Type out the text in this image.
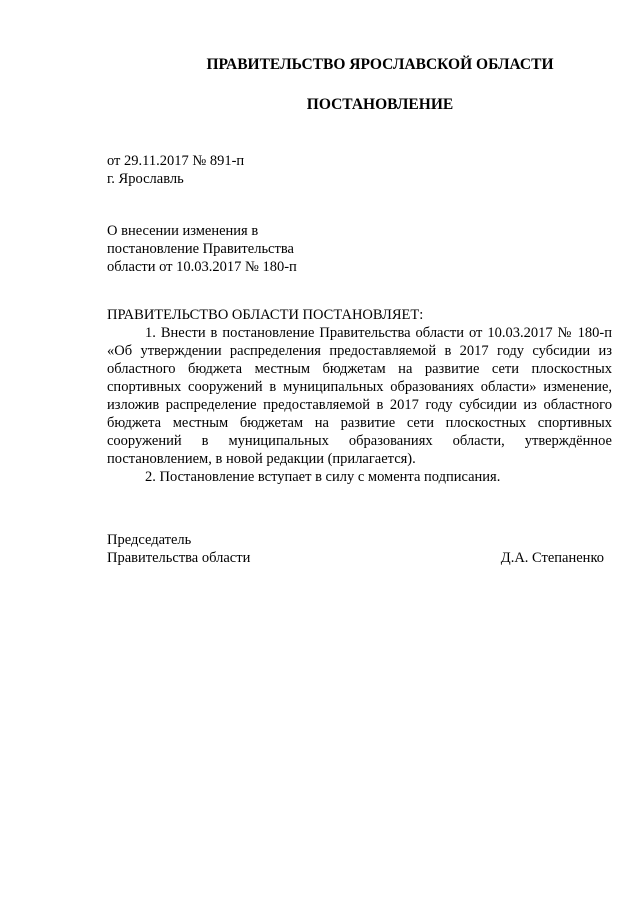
ПРАВИТЕЛЬСТВО ЯРОСЛАВСКОЙ ОБЛАСТИ
ПОСТАНОВЛЕНИЕ
от 29.11.2017 № 891-п
г. Ярославль
О внесении изменения в
постановление Правительства
области от 10.03.2017 № 180-п
ПРАВИТЕЛЬСТВО ОБЛАСТИ ПОСТАНОВЛЯЕТ:

1. Внести в постановление Правительства области от 10.03.2017 № 180-п «Об утверждении распределения предоставляемой в 2017 году субсидии из областного бюджета местным бюджетам на развитие сети плоскостных спортивных сооружений в муниципальных образованиях области» изменение, изложив распределение предоставляемой в 2017 году субсидии из областного бюджета местным бюджетам на развитие сети плоскостных спортивных сооружений в муниципальных образованиях области, утверждённое постановлением, в новой редакции (прилагается).

2. Постановление вступает в силу с момента подписания.

Председатель
Правительства области	Д.А. Степаненко
